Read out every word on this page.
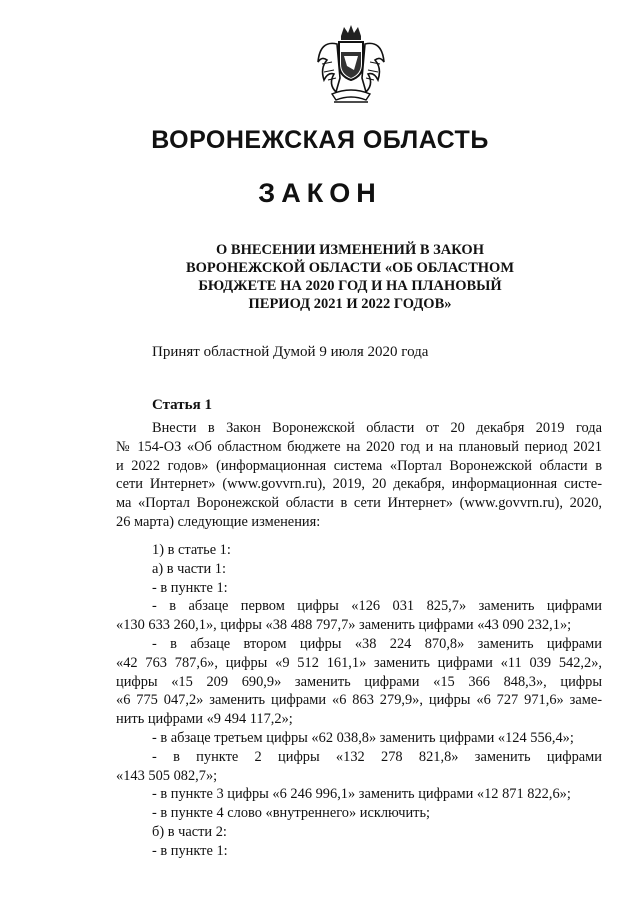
ВОРОНЕЖСКАЯ ОБЛАСТЬ
ЗАКОН
О ВНЕСЕНИИ ИЗМЕНЕНИЙ В ЗАКОН
ВОРОНЕЖСКОЙ ОБЛАСТИ «ОБ ОБЛАСТНОМ
БЮДЖЕТЕ НА 2020 ГОД И НА ПЛАНОВЫЙ
ПЕРИОД 2021 И 2022 ГОДОВ»

Принят областной Думой 9 июля 2020 года

Статья 1

Внести в Закон Воронежской области от 20 декабря 2019 года
№ 154-ОЗ «Об областном бюджете на 2020 год и на плановый период 2021
и 2022 годов» (информационная система «Портал Воронежской области в
сети Интернет» (www.govvrn.ru), 2019, 20 декабря, информационная систе-
ма «Портал Воронежской области в сети Интернет» (www.govvrn.ru), 2020,
26 марта) следующие изменения:
1) в статье 1:
а) в части 1:
- в пункте 1:
- в абзаце первом цифры «126 031 825,7» заменить цифрами
«130 633 260,1», цифры «38 488 797,7» заменить цифрами «43 090 232,1»;
- в абзаце втором цифры «38 224 870,8» заменить цифрами
«42 763 787,6», цифры «9 512 161,1» заменить цифрами «11 039 542,2»,
цифры «15 209 690,9» заменить цифрами «15 366 848,3», цифры
«6 775 047,2» заменить цифрами «6 863 279,9», цифры «6 727 971,6» заме-
нить цифрами «9 494 117,2»;
- в абзаце третьем цифры «62 038,8» заменить цифрами «124 556,4»;
- в пункте 2 цифры «132 278 821,8» заменить цифрами
«143 505 082,7»;
- в пункте 3 цифры «6 246 996,1» заменить цифрами «12 871 822,6»;
- в пункте 4 слово «внутреннего» исключить;
б) в части 2:
- в пункте 1:
